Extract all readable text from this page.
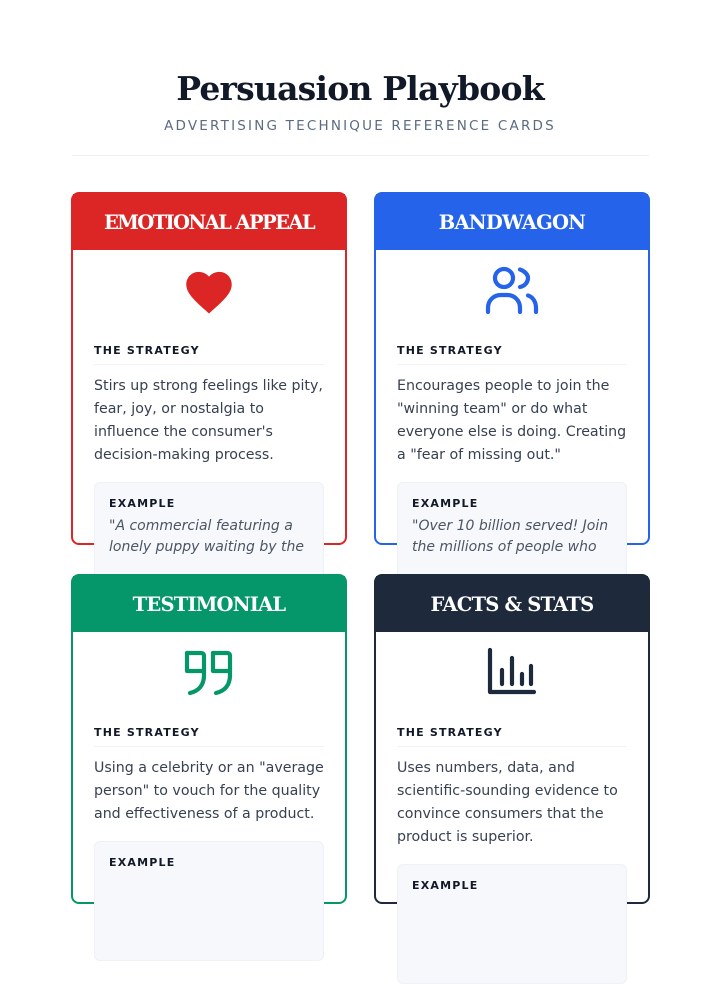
Persuasion Playbook
ADVERTISING TECHNIQUE REFERENCE CARDS
EMOTIONAL APPEAL
THE STRATEGY
Stirs up strong feelings like pity, fear, joy, or nostalgia to influence the consumer's decision-making process.
EXAMPLE
"A commercial featuring a lonely puppy waiting by the
BANDWAGON
THE STRATEGY
Encourages people to join the "winning team" or do what everyone else is doing. Creating a "fear of missing out."
EXAMPLE
"Over 10 billion served! Join the millions of people who
TESTIMONIAL
THE STRATEGY
Using a celebrity or an "average person" to vouch for the quality and effectiveness of a product.
EXAMPLE
FACTS & STATS
THE STRATEGY
Uses numbers, data, and scientific-sounding evidence to convince consumers that the product is superior.
EXAMPLE
